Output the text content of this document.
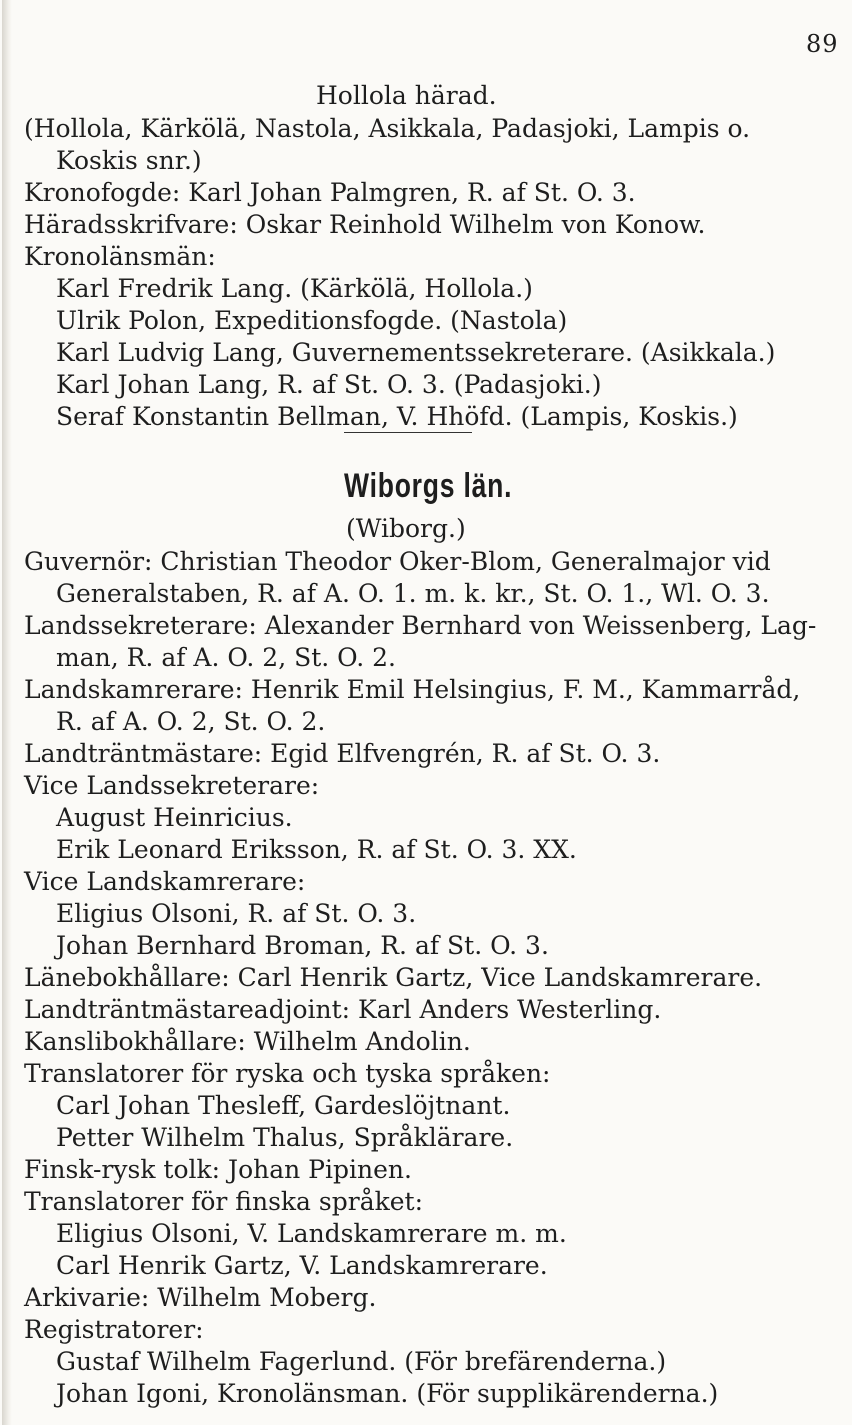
89
Hollola härad.
(Hollola, Kärkölä, Nastola, Asikkala, Padasjoki, Lampis o.
Koskis snr.)
Kronofogde: Karl Johan Palmgren, R. af St. O. 3.
Häradsskrifvare: Oskar Reinhold Wilhelm von Konow.
Kronolänsmän:
Karl Fredrik Lang. (Kärkölä, Hollola.)
Ulrik Polon, Expeditionsfogde. (Nastola)
Karl Ludvig Lang, Guvernementssekreterare. (Asikkala.)
Karl Johan Lang, R. af St. O. 3. (Padasjoki.)
Seraf Konstantin Bellman, V. Hhöfd. (Lampis, Koskis.)
Wiborgs län.
(Wiborg.)
Guvernör: Christian Theodor Oker-Blom, Generalmajor vid
Generalstaben, R. af A. O. 1. m. k. kr., St. O. 1., Wl. O. 3.
Landssekreterare: Alexander Bernhard von Weissenberg, Lag-
man, R. af A. O. 2, St. O. 2.
Landskamrerare: Henrik Emil Helsingius, F. M., Kammarråd,
R. af A. O. 2, St. O. 2.
Landträntmästare: Egid Elfvengrén, R. af St. O. 3.
Vice Landssekreterare:
August Heinricius.
Erik Leonard Eriksson, R. af St. O. 3. XX.
Vice Landskamrerare:
Eligius Olsoni, R. af St. O. 3.
Johan Bernhard Broman, R. af St. O. 3.
Länebokhållare: Carl Henrik Gartz, Vice Landskamrerare.
Landträntmästareadjoint: Karl Anders Westerling.
Kanslibokhållare: Wilhelm Andolin.
Translatorer för ryska och tyska språken:
Carl Johan Thesleff, Gardeslöjtnant.
Petter Wilhelm Thalus, Språklärare.
Finsk-rysk tolk: Johan Pipinen.
Translatorer för finska språket:
Eligius Olsoni, V. Landskamrerare m. m.
Carl Henrik Gartz, V. Landskamrerare.
Arkivarie: Wilhelm Moberg.
Registratorer:
Gustaf Wilhelm Fagerlund. (För brefärenderna.)
Johan Igoni, Kronolänsman. (För supplikärenderna.)
